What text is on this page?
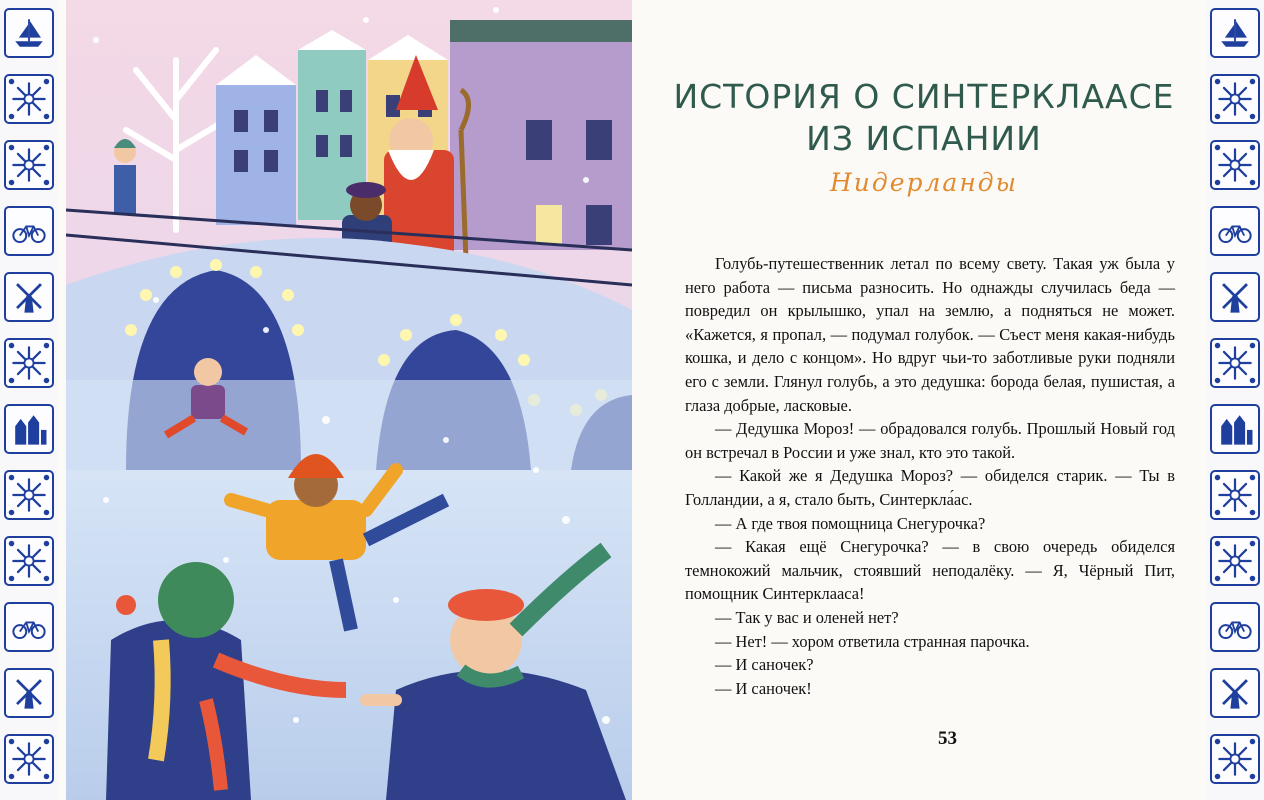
ИСТОРИЯ О СИНТЕРКЛААСЕ
ИЗ ИСПАНИИ
Нидерланды

Голубь-путешественник летал по всему свету. Такая уж была у него работа — письма разносить. Но однажды случилась беда — повредил он крылышко, упал на землю, а подняться не может. «Кажется, я пропал, — подумал голубок. — Съест меня какая-нибудь кошка, и дело с концом». Но вдруг чьи-то заботливые руки подняли его с земли. Глянул голубь, а это дедушка: борода белая, пушистая, а глаза добрые, ласковые.

— Дедушка Мороз! — обрадовался голубь. Прошлый Новый год он встречал в России и уже знал, кто это такой.

— Какой же я Дедушка Мороз? — обиделся старик. — Ты в Голландии, а я, стало быть, Синтеркла́ас.

— А где твоя помощница Снегурочка?

— Какая ещё Снегурочка? — в свою очередь обиделся темнокожий мальчик, стоявший неподалёку. — Я, Чёрный Пит, помощник Синтерклааса!

— Так у вас и оленей нет?

— Нет! — хором ответила странная парочка.

— И саночек?

— И саночек!

53
